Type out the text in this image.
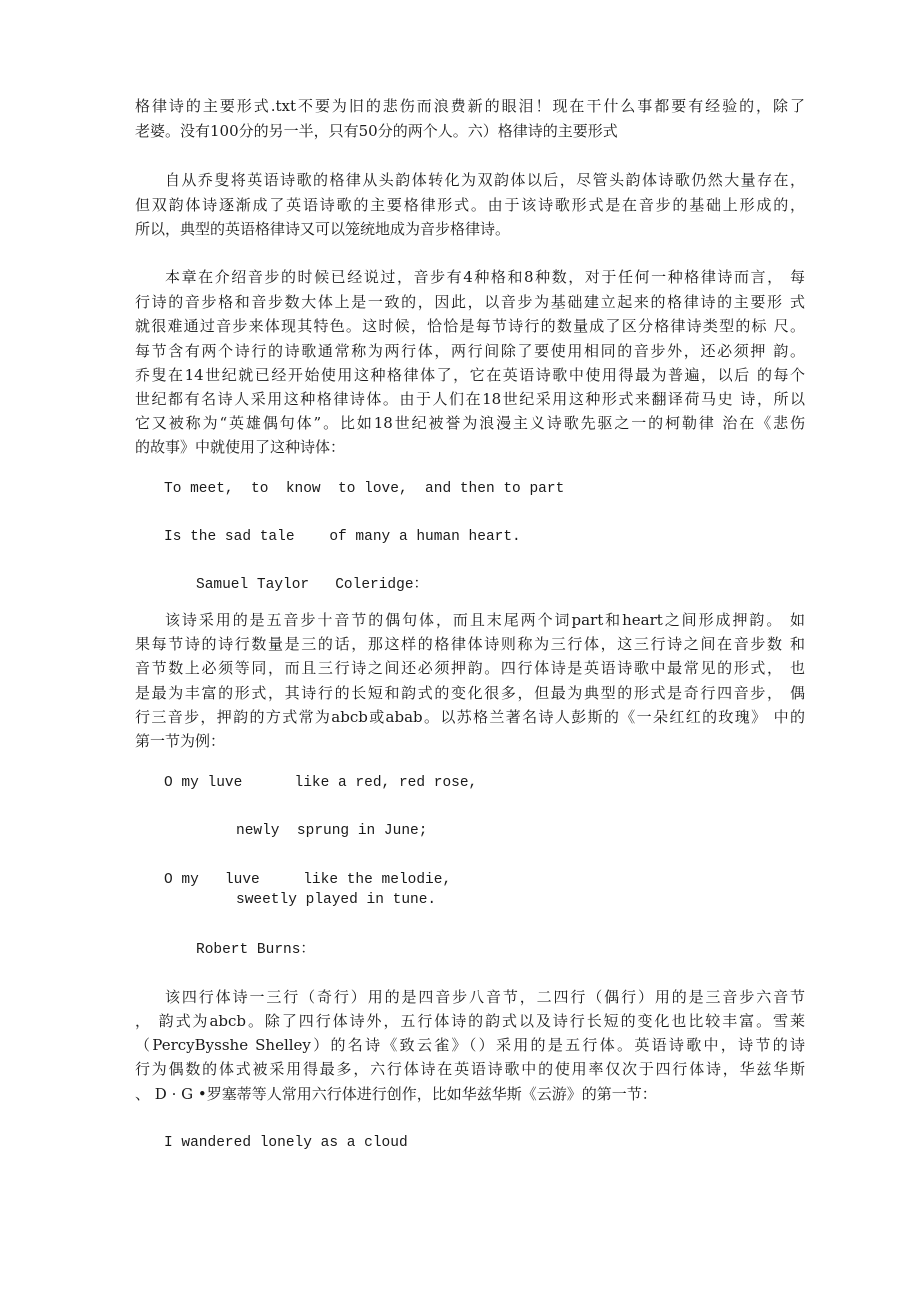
格律诗的主要形式.txt不要为旧的悲伤而浪费新的眼泪！现在干什么事都要有经验的，除了
老婆。没有100分的另一半，只有50分的两个人。六）格律诗的主要形式
自从乔叟将英语诗歌的格律从头韵体转化为双韵体以后，尽管头韵体诗歌仍然大量存在，
但双韵体诗逐渐成了英语诗歌的主要格律形式。由于该诗歌形式是在音步的基础上形成的，
所以，典型的英语格律诗又可以笼统地成为音步格律诗。
本章在介绍音步的时候已经说过，音步有4种格和8种数，对于任何一种格律诗而言， 每
行诗的音步格和音步数大体上是一致的，因此，以音步为基础建立起来的格律诗的主要形 式
就很难通过音步来体现其特色。这时候，恰恰是每节诗行的数量成了区分格律诗类型的标 尺。
每节含有两个诗行的诗歌通常称为两行体，两行间除了要使用相同的音步外，还必须押 韵。
乔叟在14世纪就已经开始使用这种格律体了，它在英语诗歌中使用得最为普遍，以后 的每个
世纪都有名诗人采用这种格律诗体。由于人们在18世纪采用这种形式来翻译荷马史 诗，所以
它又被称为“英雄偶句体”。比如18世纪被誉为浪漫主义诗歌先驱之一的柯勒律 治在《悲伤
的故事》中就使用了这种诗体：
To meet,  to  know  to love,  and then to part
Is the sad tale    of many a human heart.
Samuel Taylor   Coleridge：
该诗采用的是五音步十音节的偶句体，而且末尾两个词part和heart之间形成押韵。 如
果每节诗的诗行数量是三的话，那这样的格律体诗则称为三行体，这三行诗之间在音步数 和
音节数上必须等同，而且三行诗之间还必须押韵。四行体诗是英语诗歌中最常见的形式， 也
是最为丰富的形式，其诗行的长短和韵式的变化很多，但最为典型的形式是奇行四音步， 偶
行三音步，押韵的方式常为abcb或abab。以苏格兰著名诗人彭斯的《一朵红红的玫瑰》 中的
第一节为例：
O my luve      like a red, red rose,
newly  sprung in June;
O my   luve     like the melodie,
sweetly played in tune.
Robert Burns：
该四行体诗一三行（奇行）用的是四音步八音节，二四行（偶行）用的是三音步六音节
， 韵式为abcb。除了四行体诗外，五行体诗的韵式以及诗行长短的变化也比较丰富。雪莱
（PercyBysshe Shelley）的名诗《致云雀》（）采用的是五行体。英语诗歌中，诗节的诗
行为偶数的体式被采用得最多，六行体诗在英语诗歌中的使用率仅次于四行体诗，华兹华斯
、 D · G •罗塞蒂等人常用六行体进行创作，比如华兹华斯《云游》的第一节：
I wandered lonely as a cloud
